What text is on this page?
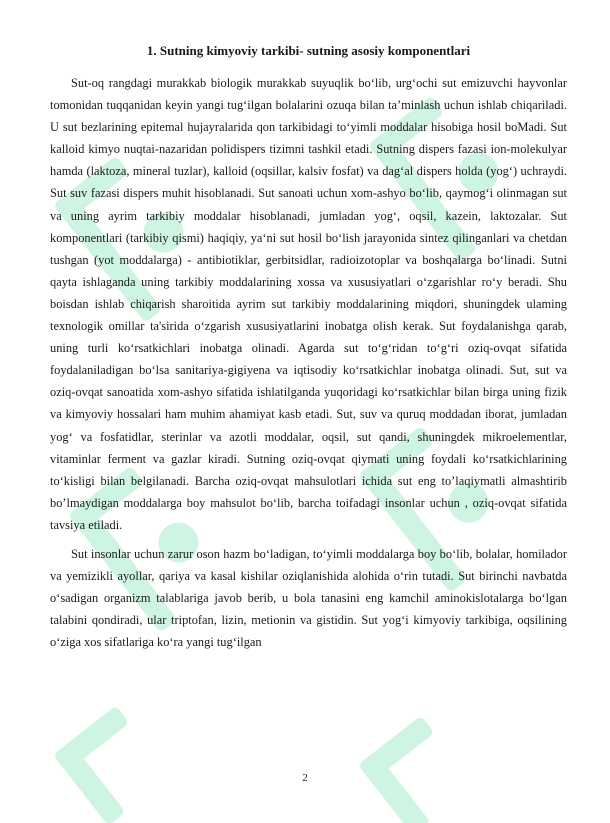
1. Sutning kimyoviy tarkibi- sutning asosiy komponentlari

Sut-oq rangdagi murakkab biologik murakkab suyuqlik bo‘lib, urg‘ochi sut emizuvchi hayvonlar tomonidan tuqqanidan keyin yangi tug‘ilgan bolalarini ozuqa bilan ta’minlash uchun ishlab chiqariladi. U sut bezlarining epitemal hujayralarida qon tarkibidagi to‘yimli moddalar hisobiga hosil boMadi. Sut kalloid kimyo nuqtai-nazaridan polidispers tizimni tashkil etadi. Sutning dispers fazasi ion-molekulyar hamda (laktoza, mineral tuzlar), kalloid (oqsillar, kalsiv fosfat) va dag‘al dispers holda (yog‘) uchraydi. Sut suv fazasi dispers muhit hisoblanadi. Sut sanoati uchun xom-ashyo bo‘lib, qaymog‘i olinmagan sut va uning ayrim tarkibiy moddalar hisoblanadi, jumladan yog‘, oqsil, kazein, laktozalar. Sut komponentlari (tarkibiy qismi) haqiqiy, ya‘ni sut hosil bo‘lish jarayonida sintez qilinganlari va chetdan tushgan (yot moddalarga) - antibiotiklar, gerbitsidlar, radioizotoplar va boshqalarga bo‘linadi. Sutni qayta ishlaganda uning tarkibiy moddalarining xossa va xususiyatlari o‘zgarishlar ro‘y beradi. Shu boisdan ishlab chiqarish sharoitida ayrim sut tarkibiy moddalarining miqdori, shuningdek ulaming texnologik omillar ta'sirida o‘zgarish xususiyatlarini inobatga olish kerak. Sut foydalanishga qarab, uning turli ko‘rsatkichlari inobatga olinadi. Agarda sut to‘g‘ridan to‘g‘ri oziq-ovqat sifatida foydalaniladigan bo‘lsa sanitariya-gigiyena va iqtisodiy ko‘rsatkichlar inobatga olinadi. Sut, sut va oziq-ovqat sanoatida xom-ashyo sifatida ishlatilganda yuqoridagi ko‘rsatkichlar bilan birga uning fizik va kimyoviy hossalari ham muhim ahamiyat kasb etadi. Sut, suv va quruq moddadan iborat, jumladan yog‘ va fosfatidlar, sterinlar va azotli moddalar, oqsil, sut qandi, shuningdek mikroelementlar, vitaminlar ferment va gazlar kiradi. Sutning oziq-ovqat qiymati uning foydali ko‘rsatkichlarining to‘kisligi bilan belgilanadi. Barcha oziq-ovqat mahsulotlari ichida sut eng to’laqiymatli almashtirib bo’lmaydigan moddalarga boy mahsulot bo‘lib, barcha toifadagi insonlar uchun , oziq-ovqat sifatida tavsiya etiladi.

Sut insonlar uchun zarur oson hazm bo‘ladigan, to‘yimli moddalarga boy bo‘lib, bolalar, homilador va yemizikli ayollar, qariya va kasal kishilar oziqlanishida alohida o‘rin tutadi. Sut birinchi navbatda o‘sadigan organizm talablariga javob berib, u bola tanasini eng kamchil aminokislotalarga bo‘lgan talabini qondiradi, ular triptofan, lizin, metionin va gistidin. Sut yog‘i kimyoviy tarkibiga, oqsilining o‘ziga xos sifatlariga ko‘ra yangi tug‘ilgan

2
